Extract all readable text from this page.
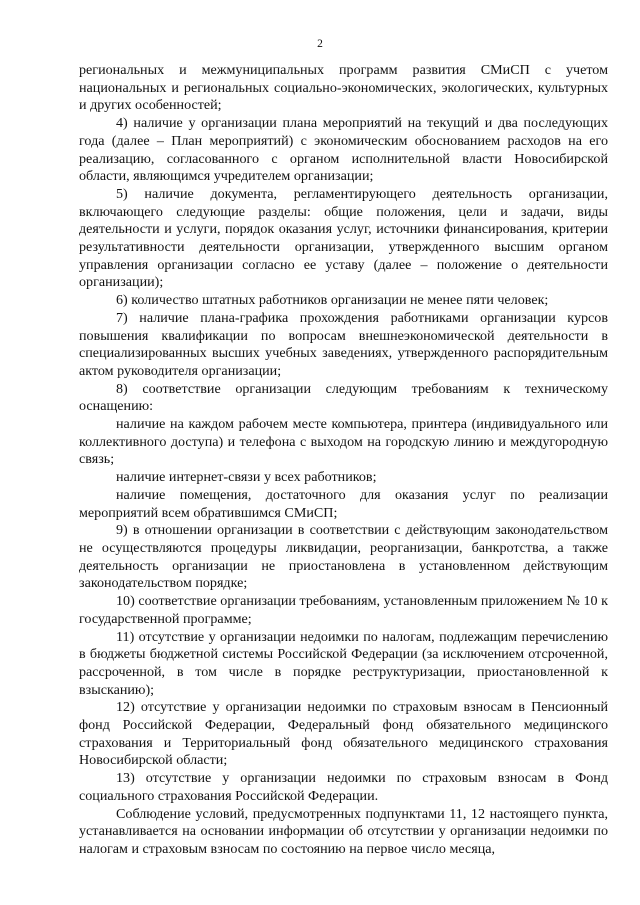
2

региональных и межмуниципальных программ развития СМиСП с учетом национальных и региональных социально-экономических, экологических, культурных и других особенностей;

4) наличие у организации плана мероприятий на текущий и два последующих года (далее – План мероприятий) с экономическим обоснованием расходов на его реализацию, согласованного с органом исполнительной власти Новосибирской области, являющимся учредителем организации;

5) наличие документа, регламентирующего деятельность организации, включающего следующие разделы: общие положения, цели и задачи, виды деятельности и услуги, порядок оказания услуг, источники финансирования, критерии результативности деятельности организации, утвержденного высшим органом управления организации согласно ее уставу (далее – положение о деятельности организации);

6) количество штатных работников организации не менее пяти человек;

7) наличие плана-графика прохождения работниками организации курсов повышения квалификации по вопросам внешнеэкономической деятельности в специализированных высших учебных заведениях, утвержденного распорядительным актом руководителя организации;

8) соответствие организации следующим требованиям к техническому оснащению:

наличие на каждом рабочем месте компьютера, принтера (индивидуального или коллективного доступа) и телефона с выходом на городскую линию и междугородную связь;

наличие интернет-связи у всех работников;

наличие помещения, достаточного для оказания услуг по реализации мероприятий всем обратившимся СМиСП;

9) в отношении организации в соответствии с действующим законодательством не осуществляются процедуры ликвидации, реорганизации, банкротства, а также деятельность организации не приостановлена в установленном действующим законодательством порядке;

10) соответствие организации требованиям, установленным приложением № 10 к государственной программе;

11) отсутствие у организации недоимки по налогам, подлежащим перечислению в бюджеты бюджетной системы Российской Федерации (за исключением отсроченной, рассроченной, в том числе в порядке реструктуризации, приостановленной к взысканию);

12) отсутствие у организации недоимки по страховым взносам в Пенсионный фонд Российской Федерации, Федеральный фонд обязательного медицинского страхования и Территориальный фонд обязательного медицинского страхования Новосибирской области;

13) отсутствие у организации недоимки по страховым взносам в Фонд социального страхования Российской Федерации.

Соблюдение условий, предусмотренных подпунктами 11, 12 настоящего пункта, устанавливается на основании информации об отсутствии у организации недоимки по налогам и страховым взносам по состоянию на первое число месяца,
